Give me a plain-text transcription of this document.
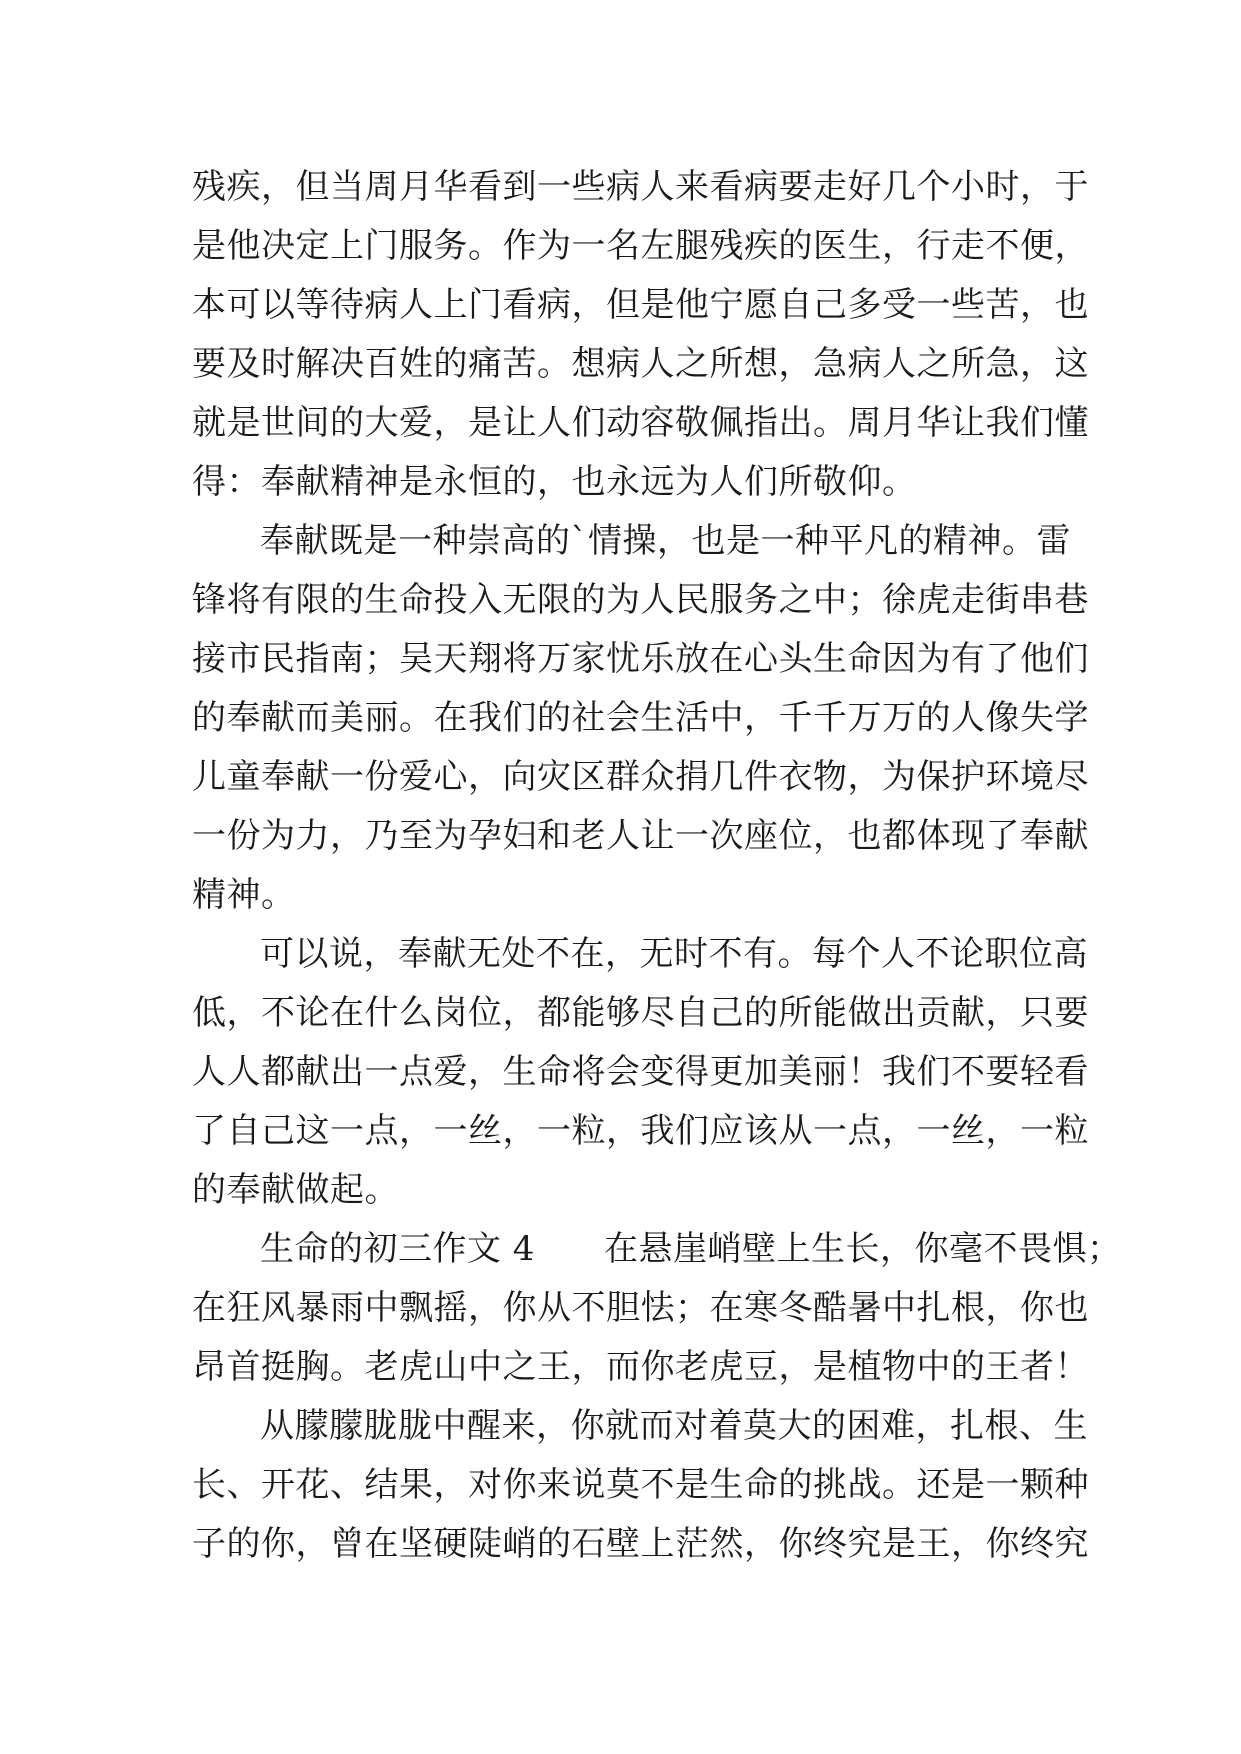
残疾，但当周月华看到一些病人来看病要走好几个小时，于
是他决定上门服务。作为一名左腿残疾的医生，行走不便，
本可以等待病人上门看病，但是他宁愿自己多受一些苦，也
要及时解决百姓的痛苦。想病人之所想，急病人之所急，这
就是世间的大爱，是让人们动容敬佩指出。周月华让我们懂
得：奉献精神是永恒的，也永远为人们所敬仰。
奉献既是一种崇高的`情操，也是一种平凡的精神。雷
锋将有限的生命投入无限的为人民服务之中；徐虎走街串巷
接市民指南；吴天翔将万家忧乐放在心头生命因为有了他们
的奉献而美丽。在我们的社会生活中，千千万万的人像失学
儿童奉献一份爱心，向灾区群众捐几件衣物，为保护环境尽
一份为力，乃至为孕妇和老人让一次座位，也都体现了奉献
精神。
可以说，奉献无处不在，无时不有。每个人不论职位高
低，不论在什么岗位，都能够尽自己的所能做出贡献，只要
人人都献出一点爱，生命将会变得更加美丽！我们不要轻看
了自己这一点，一丝，一粒，我们应该从一点，一丝，一粒
的奉献做起。
生命的初三作文 4　　在悬崖峭壁上生长，你毫不畏惧；
在狂风暴雨中飘摇，你从不胆怯；在寒冬酷暑中扎根，你也
昂首挺胸。老虎山中之王，而你老虎豆，是植物中的王者！
从朦朦胧胧中醒来，你就而对着莫大的困难，扎根、生
长、开花、结果，对你来说莫不是生命的挑战。还是一颗种
子的你，曾在坚硬陡峭的石壁上茫然，你终究是王，你终究
